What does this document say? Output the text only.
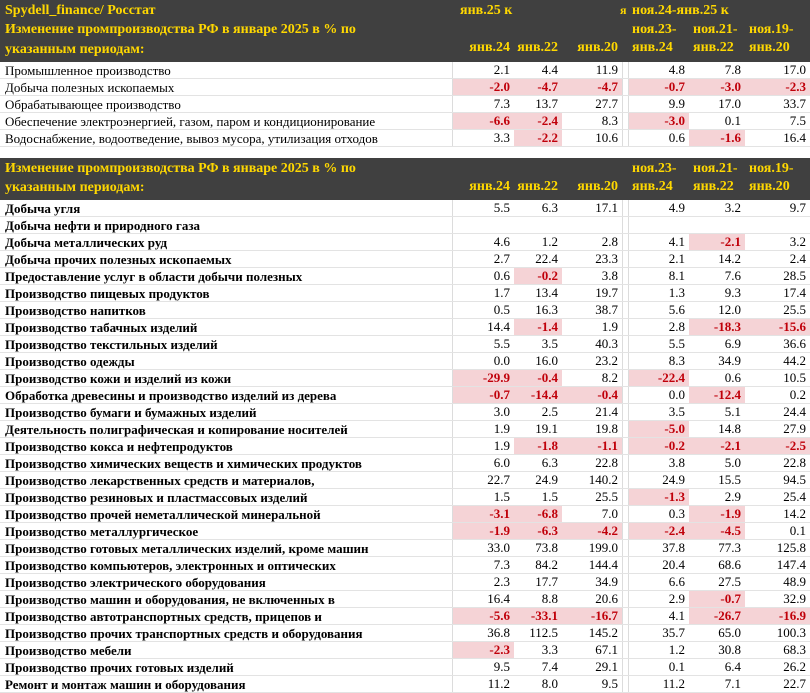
Spydell_finance/ Росстат	янв.25 к	я ноя.24-янв.25 к
Изменение промпроизводства РФ в январе 2025 в % по
указанным периодам:	янв.24 янв.22	янв.20
ноя.23-
янв.24
ноя.21-
янв.22
ноя.19-
янв.20
Промышленное производство	2.1	4.4	11.9	4.8	7.8	17.0
Добыча полезных ископаемых	-2.0	-4.7	-4.7	-0.7	-3.0	-2.3
Обрабатывающее производство	7.3	13.7	27.7	9.9	17.0	33.7
Обеспечение электроэнергией, газом, паром и кондиционирование	-6.6	-2.4	8.3	-3.0	0.1	7.5
Водоснабжение, водоотведение, вывоз мусора, утилизация отходов	3.3	-2.2	10.6	0.6	-1.6	16.4
Изменение промпроизводства РФ в январе 2025 в % по
указанным периодам:	янв.24 янв.22	янв.20
ноя.23-
янв.24
ноя.21-
янв.22
ноя.19-
янв.20
Добыча угля	5.5	6.3	17.1	4.9	3.2	9.7
Добыча нефти и природного газа
Добыча металлических руд	4.6	1.2	2.8	4.1	-2.1	3.2
Добыча прочих полезных ископаемых	2.7	22.4	23.3	2.1	14.2	2.4
Предоставление услуг в области добычи полезных	0.6	-0.2	3.8	8.1	7.6	28.5
Производство пищевых продуктов	1.7	13.4	19.7	1.3	9.3	17.4
Производство напитков	0.5	16.3	38.7	5.6	12.0	25.5
Производство табачных изделий	14.4	-1.4	1.9	2.8	-18.3	-15.6
Производство текстильных изделий	5.5	3.5	40.3	5.5	6.9	36.6
Производство одежды	0.0	16.0	23.2	8.3	34.9	44.2
Производство кожи и изделий из кожи	-29.9	-0.4	8.2	-22.4	0.6	10.5
Обработка древесины и производство изделий из дерева	-0.7	-14.4	-0.4	0.0	-12.4	0.2
Производство бумаги и бумажных изделий	3.0	2.5	21.4	3.5	5.1	24.4
Деятельность полиграфическая и копирование носителей	1.9	19.1	19.8	-5.0	14.8	27.9
Производство кокса и нефтепродуктов	1.9	-1.8	-1.1	-0.2	-2.1	-2.5
Производство химических веществ и химических продуктов	6.0	6.3	22.8	3.8	5.0	22.8
Производство лекарственных средств и материалов,	22.7	24.9	140.2	24.9	15.5	94.5
Производство резиновых и пластмассовых изделий	1.5	1.5	25.5	-1.3	2.9	25.4
Производство прочей неметаллической минеральной	-3.1	-6.8	7.0	0.3	-1.9	14.2
Производство металлургическое	-1.9	-6.3	-4.2	-2.4	-4.5	0.1
Производство готовых металлических изделий, кроме машин	33.0	73.8	199.0	37.8	77.3	125.8
Производство компьютеров, электронных и оптических	7.3	84.2	144.4	20.4	68.6	147.4
Производство электрического оборудования	2.3	17.7	34.9	6.6	27.5	48.9
Производство машин и оборудования, не включенных в	16.4	8.8	20.6	2.9	-0.7	32.9
Производство автотранспортных средств, прицепов и	-5.6	-33.1	-16.7	4.1	-26.7	-16.9
Производство прочих транспортных средств и оборудования	36.8	112.5	145.2	35.7	65.0	100.3
Производство мебели	-2.3	3.3	67.1	1.2	30.8	68.3
Производство прочих готовых изделий	9.5	7.4	29.1	0.1	6.4	26.2
Ремонт и монтаж машин и оборудования	11.2	8.0	9.5	11.2	7.1	22.7
